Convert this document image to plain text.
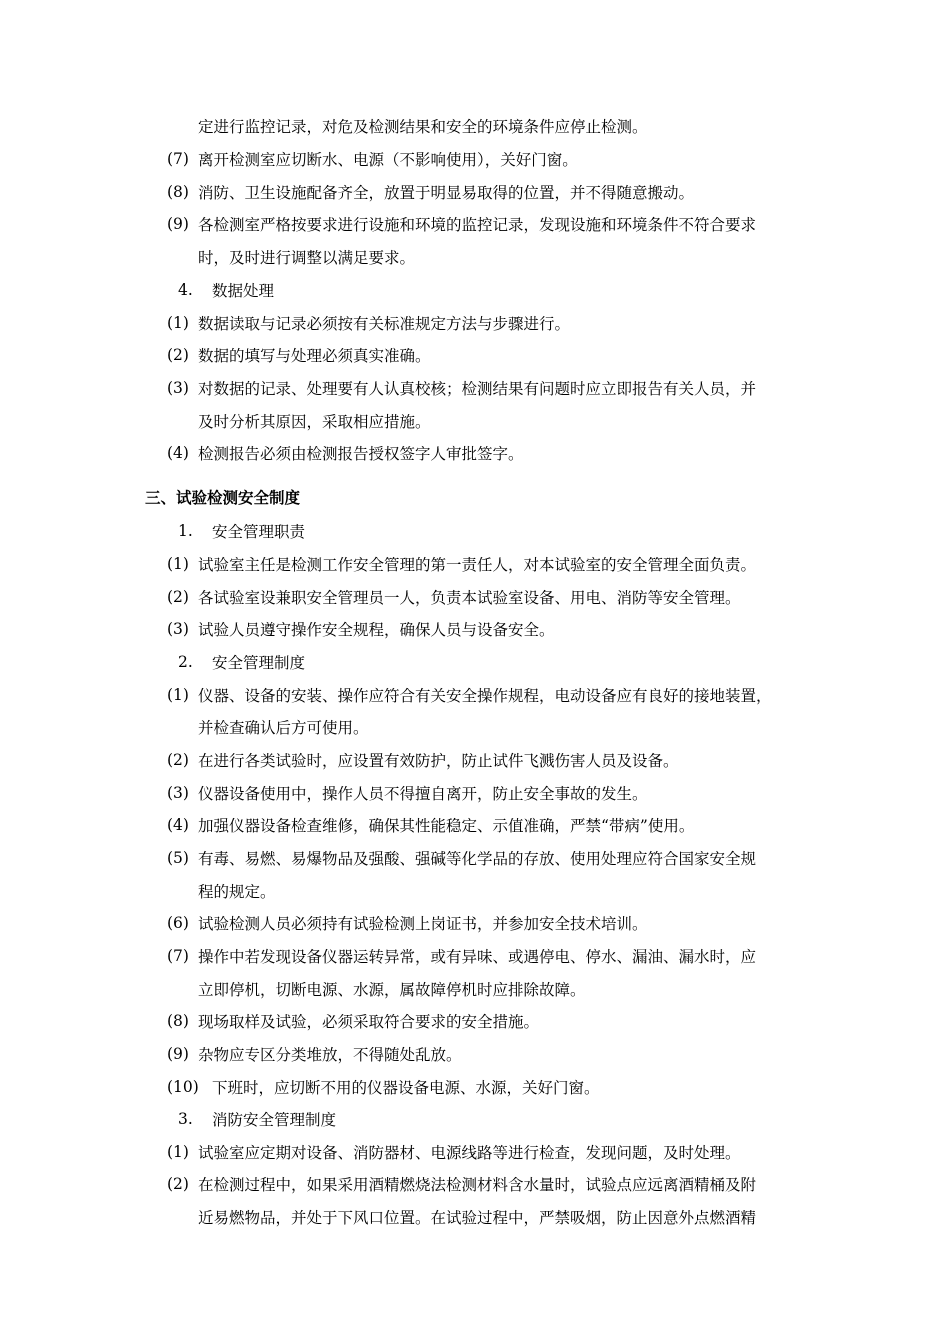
定进行监控记录，对危及检测结果和安全的环境条件应停止检测。
(7) 离开检测室应切断水、电源（不影响使用），关好门窗。
(8) 消防、卫生设施配备齐全，放置于明显易取得的位置，并不得随意搬动。
(9) 各检测室严格按要求进行设施和环境的监控记录，发现设施和环境条件不符合要求
时，及时进行调整以满足要求。
4. 数据处理
(1) 数据读取与记录必须按有关标准规定方法与步骤进行。
(2) 数据的填写与处理必须真实准确。
(3) 对数据的记录、处理要有人认真校核；检测结果有问题时应立即报告有关人员，并
及时分析其原因，采取相应措施。
(4) 检测报告必须由检测报告授权签字人审批签字。
三、试验检测安全制度
1. 安全管理职责
(1) 试验室主任是检测工作安全管理的第一责任人，对本试验室的安全管理全面负责。
(2) 各试验室设兼职安全管理员一人，负责本试验室设备、用电、消防等安全管理。
(3) 试验人员遵守操作安全规程，确保人员与设备安全。
2. 安全管理制度
(1) 仪器、设备的安装、操作应符合有关安全操作规程，电动设备应有良好的接地装置，
并检查确认后方可使用。
(2) 在进行各类试验时，应设置有效防护，防止试件飞溅伤害人员及设备。
(3) 仪器设备使用中，操作人员不得擅自离开，防止安全事故的发生。
(4) 加强仪器设备检查维修，确保其性能稳定、示值准确，严禁“带病”使用。
(5) 有毒、易燃、易爆物品及强酸、强碱等化学品的存放、使用处理应符合国家安全规
程的规定。
(6) 试验检测人员必须持有试验检测上岗证书，并参加安全技术培训。
(7) 操作中若发现设备仪器运转异常，或有异味、或遇停电、停水、漏油、漏水时，应
立即停机，切断电源、水源，属故障停机时应排除故障。
(8) 现场取样及试验，必须采取符合要求的安全措施。
(9) 杂物应专区分类堆放，不得随处乱放。
(10) 下班时，应切断不用的仪器设备电源、水源，关好门窗。
3. 消防安全管理制度
(1) 试验室应定期对设备、消防器材、电源线路等进行检查，发现问题，及时处理。
(2) 在检测过程中，如果采用酒精燃烧法检测材料含水量时，试验点应远离酒精桶及附
近易燃物品，并处于下风口位置。在试验过程中，严禁吸烟，防止因意外点燃酒精
